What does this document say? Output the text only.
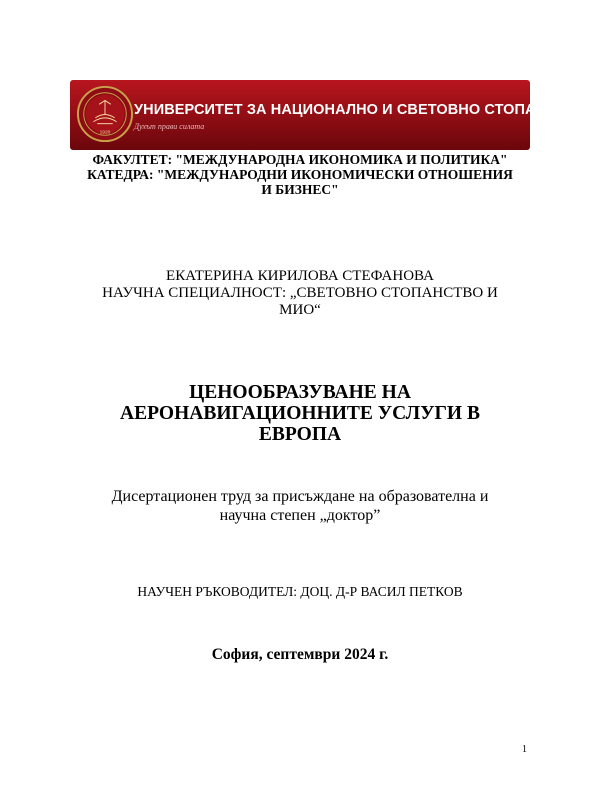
1920
УНИВЕРСИТЕТ ЗА НАЦИОНАЛНО И СВЕТОВНО СТОПАНСТВО
Духът прави силата
ФАКУЛТЕТ: "МЕЖДУНАРОДНА ИКОНОМИКА И ПОЛИТИКА"
КАТЕДРА: "МЕЖДУНАРОДНИ ИКОНОМИЧЕСКИ ОТНОШЕНИЯ
И БИЗНЕС"
ЕКАТЕРИНА КИРИЛОВА СТЕФАНОВА
НАУЧНА СПЕЦИАЛНОСТ: „СВЕТОВНО СТОПАНСТВО И
МИО“
ЦЕНООБРАЗУВАНЕ НА
АЕРОНАВИГАЦИОННИТЕ УСЛУГИ В
ЕВРОПА
Дисертационен труд за присъждане на образователна и
научна степен „доктор”
НАУЧЕН РЪКОВОДИТЕЛ: ДОЦ. Д-Р ВАСИЛ ПЕТКОВ
София, септември 2024 г.
1
